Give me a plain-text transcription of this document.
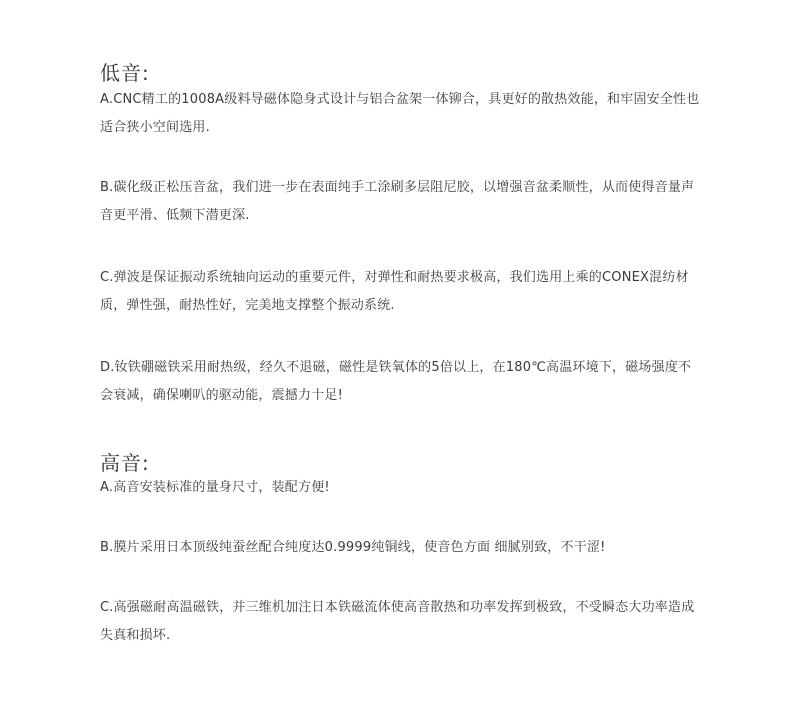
低音:

A.CNC精工的1008A级料导磁体隐身式设计与铝合盆架一体铆合，具更好的散热效能，和牢固安全性也适合狭小空间选用.

B.碳化级正松压音盆，我们进一步在表面纯手工涂刷多层阻尼胶，以增强音盆柔顺性，从而使得音量声音更平滑、低频下潜更深.

C.弹波是保证振动系统轴向运动的重要元件，对弹性和耐热要求极高，我们选用上乘的CONEX混纺材质，弹性强，耐热性好，完美地支撑整个振动系统.

D.钕铁硼磁铁采用耐热级，经久不退磁，磁性是铁氧体的5倍以上，在180℃高温环境下，磁场强度不会衰减，确保喇叭的驱动能，震撼力十足!

高音:

A.高音安装标准的量身尺寸，装配方便!

B.膜片采用日本顶级纯蚕丝配合纯度达0.9999纯铜线，使音色方面 细腻别致，不干涩!

C.高强磁耐高温磁铁，并三维机加注日本铁磁流体使高音散热和功率发挥到极致，不受瞬态大功率造成失真和损坏.
